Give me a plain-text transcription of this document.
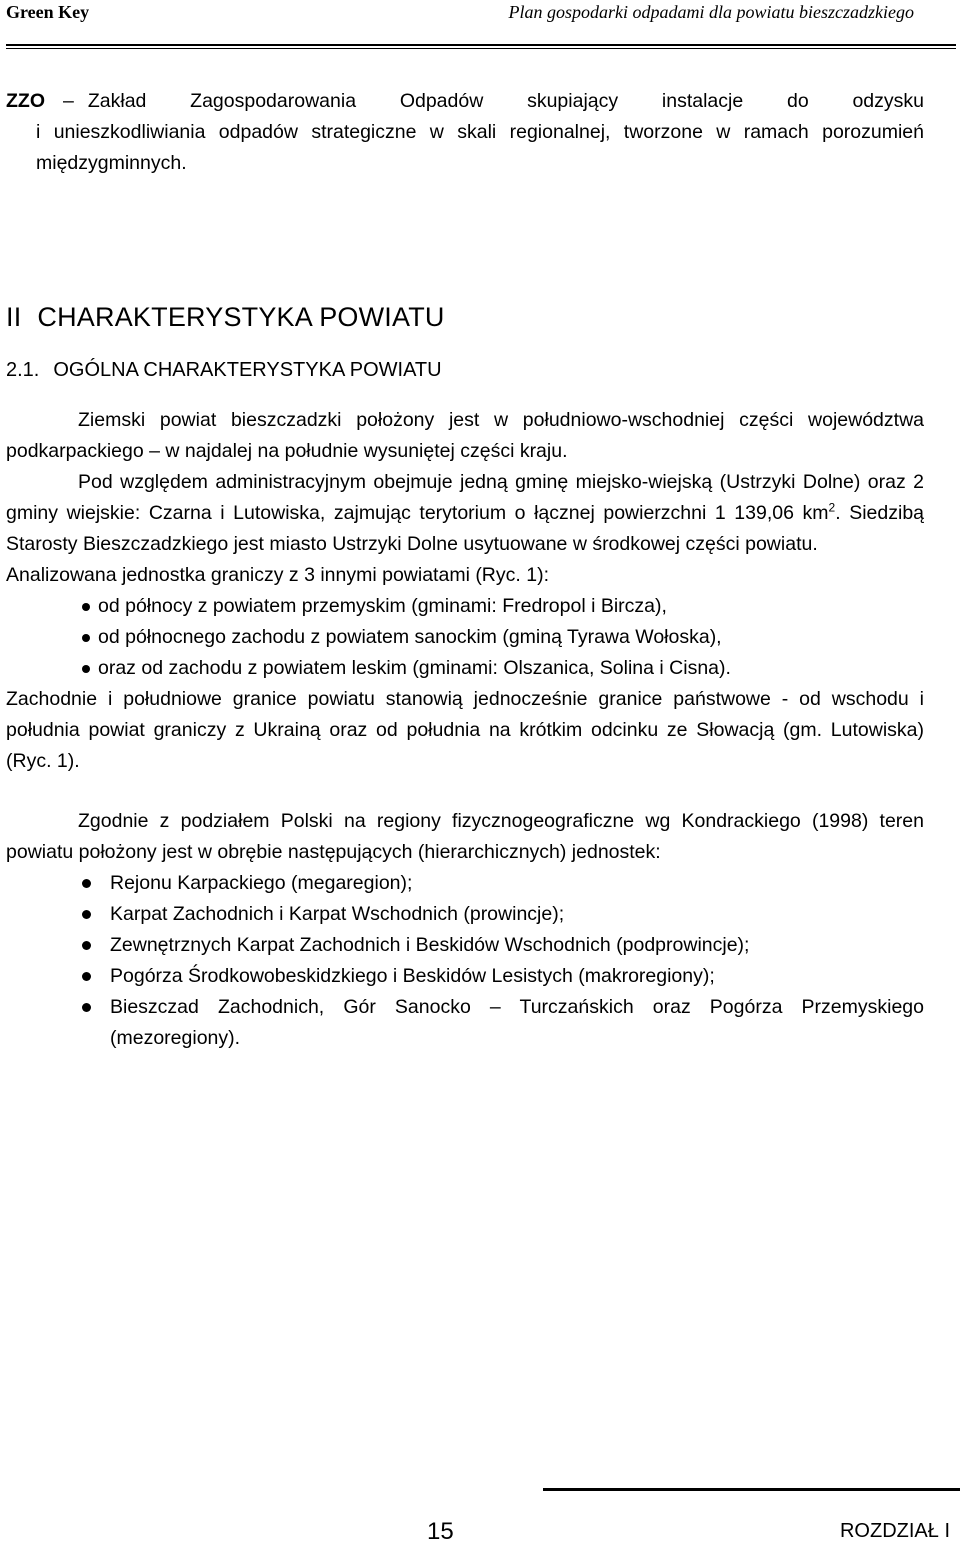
Green Key	Plan gospodarki odpadami dla powiatu bieszczadzkiego
ZZO – Zakład Zagospodarowania Odpadów skupiający instalacje do odzysku

i unieszkodliwiania odpadów strategiczne w skali regionalnej, tworzone w ramach porozumień międzygminnych.

II CHARAKTERYSTYKA POWIATU
2.1. OGÓLNA CHARAKTERYSTYKA POWIATU

Ziemski powiat bieszczadzki położony jest w południowo-wschodniej części województwa podkarpackiego – w najdalej na południe wysuniętej części kraju.

Pod względem administracyjnym obejmuje jedną gminę miejsko-wiejską (Ustrzyki Dolne) oraz 2 gminy wiejskie: Czarna i Lutowiska, zajmując terytorium o łącznej powierzchni 1 139,06 $km^2$. Siedzibą Starosty Bieszczadzkiego jest miasto Ustrzyki Dolne usytuowane w środkowej części powiatu.

Analizowana jednostka graniczy z 3 innymi powiatami (Ryc. 1):

od północy z powiatem przemyskim (gminami: Fredropol i Bircza),
od północnego zachodu z powiatem sanockim (gminą Tyrawa Wołoska),
oraz od zachodu z powiatem leskim (gminami: Olszanica, Solina i Cisna).

Zachodnie i południowe granice powiatu stanowią jednocześnie granice państwowe - od wschodu i południa powiat graniczy z Ukrainą oraz od południa na krótkim odcinku ze Słowacją (gm. Lutowiska) (Ryc. 1).

Zgodnie z podziałem Polski na regiony fizycznogeograficzne wg Kondrackiego (1998) teren powiatu położony jest w obrębie następujących (hierarchicznych) jednostek:

Rejonu Karpackiego (megaregion);
Karpat Zachodnich i Karpat Wschodnich (prowincje);
Zewnętrznych Karpat Zachodnich i Beskidów Wschodnich (podprowincje);
Pogórza Środkowobeskidzkiego i Beskidów Lesistych (makroregiony);
Bieszczad Zachodnich, Gór Sanocko – Turczańskich oraz Pogórza Przemyskiego (mezoregiony).
15	ROZDZIAŁ I
